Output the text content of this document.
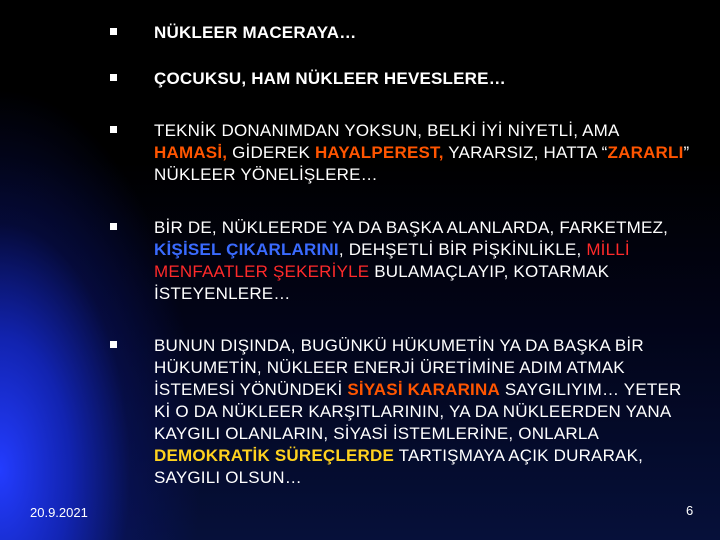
NÜKLEER MACERAYA…
ÇOCUKSU, HAM NÜKLEER HEVESLERE…
TEKNİK DONANIMDAN YOKSUN, BELKİ İYİ NİYETLİ, AMA HAMASİ, GİDEREK HAYALPEREST, YARARSIZ, HATTA “ZARARLI” NÜKLEER YÖNELİŞLERE…
BİR DE, NÜKLEERDE YA DA BAŞKA ALANLARDA, FARKETMEZ, KİŞİSEL ÇIKARLARINI, DEHŞETLİ BİR PİŞKİNLİKLE, MİLLİ MENFAATLER ŞEKERİYLE BULAMAÇLAYIP, KOTARMAK İSTEYENLERE…
BUNUN DIŞINDA, BUGÜNKÜ HÜKUMETİN YA DA BAŞKA BİR HÜKUMETİN, NÜKLEER ENERJİ ÜRETİMİNE ADIM ATMAK İSTEMESİ YÖNÜNDEKİ SİYASİ KARARINA SAYGILIYIM… YETER Kİ O DA NÜKLEER KARŞITLARININ, YA DA NÜKLEERDEN YANA KAYGILI OLANLARIN, SİYASİ İSTEMLERİNE, ONLARLA DEMOKRATİK SÜREÇLERDE TARTIŞMAYA AÇIK DURARAK, SAYGILI OLSUN…
20.9.2021	6
